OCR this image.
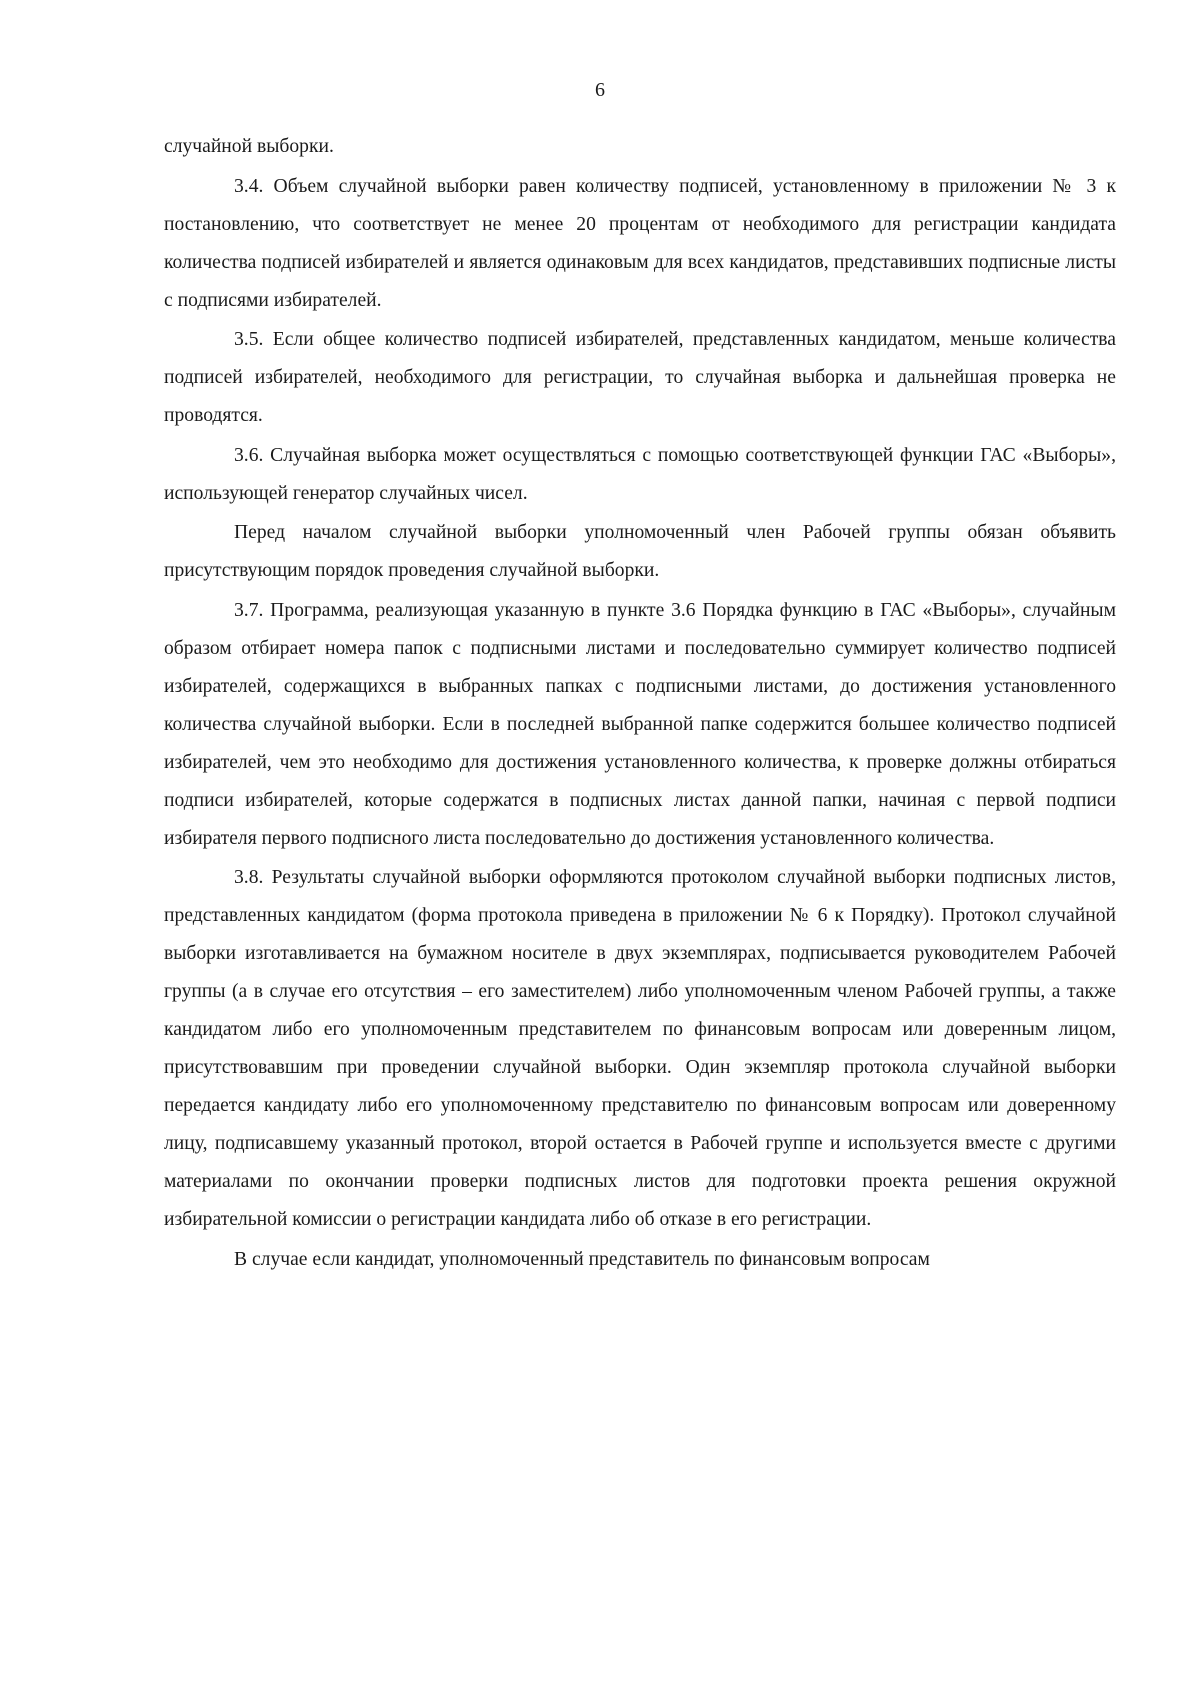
6

случайной выборки.

3.4. Объем случайной выборки равен количеству подписей, установленному в приложении № 3 к постановлению, что соответствует не менее 20 процентам от необходимого для регистрации кандидата количества подписей избирателей и является одинаковым для всех кандидатов, представивших подписные листы с подписями избирателей.

3.5. Если общее количество подписей избирателей, представленных кандидатом, меньше количества подписей избирателей, необходимого для регистрации, то случайная выборка и дальнейшая проверка не проводятся.

3.6. Случайная выборка может осуществляться с помощью соответствующей функции ГАС «Выборы», использующей генератор случайных чисел.

Перед началом случайной выборки уполномоченный член Рабочей группы обязан объявить присутствующим порядок проведения случайной выборки.

3.7. Программа, реализующая указанную в пункте 3.6 Порядка функцию в ГАС «Выборы», случайным образом отбирает номера папок с подписными листами и последовательно суммирует количество подписей избирателей, содержащихся в выбранных папках с подписными листами, до достижения установленного количества случайной выборки. Если в последней выбранной папке содержится большее количество подписей избирателей, чем это необходимо для достижения установленного количества, к проверке должны отбираться подписи избирателей, которые содержатся в подписных листах данной папки, начиная с первой подписи избирателя первого подписного листа последовательно до достижения установленного количества.

3.8. Результаты случайной выборки оформляются протоколом случайной выборки подписных листов, представленных кандидатом (форма протокола приведена в приложении № 6 к Порядку). Протокол случайной выборки изготавливается на бумажном носителе в двух экземплярах, подписывается руководителем Рабочей группы (а в случае его отсутствия – его заместителем) либо уполномоченным членом Рабочей группы, а также кандидатом либо его уполномоченным представителем по финансовым вопросам или доверенным лицом, присутствовавшим при проведении случайной выборки. Один экземпляр протокола случайной выборки передается кандидату либо его уполномоченному представителю по финансовым вопросам или доверенному лицу, подписавшему указанный протокол, второй остается в Рабочей группе и используется вместе с другими материалами по окончании проверки подписных листов для подготовки проекта решения окружной избирательной комиссии о регистрации кандидата либо об отказе в его регистрации.

В случае если кандидат, уполномоченный представитель по финансовым вопросам
